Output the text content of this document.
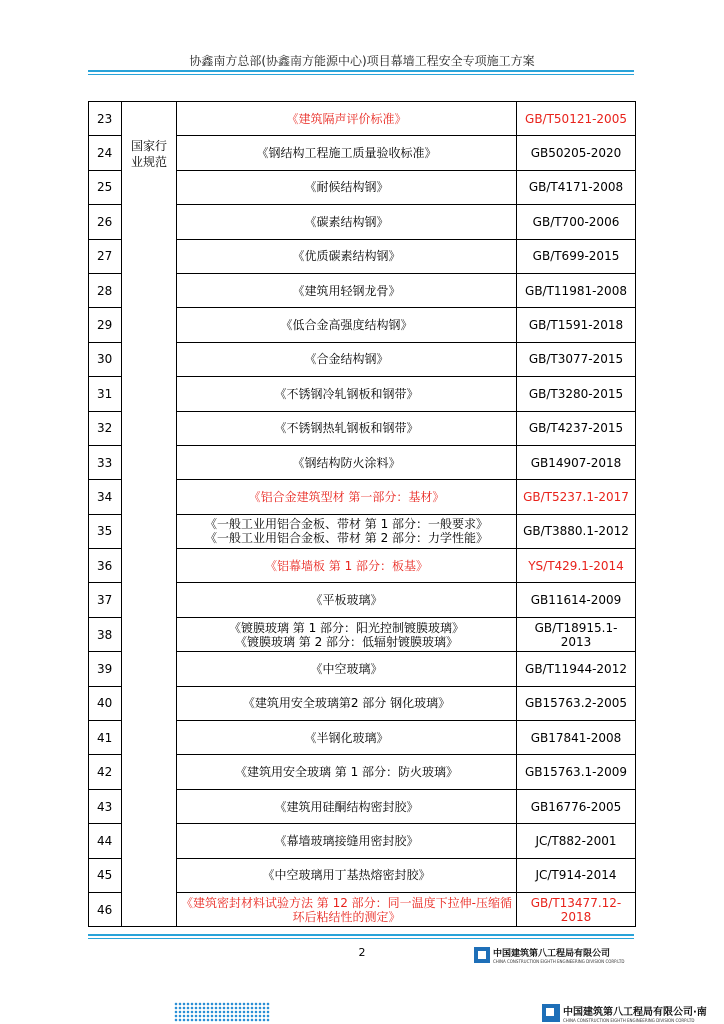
协鑫南方总部(协鑫南方能源中心)项目幕墙工程安全专项施工方案
23	国家行业规范	《建筑隔声评价标准》	GB/T50121-2005
24		《钢结构工程施工质量验收标准》	GB50205-2020
25		《耐候结构钢》	GB/T4171-2008
26		《碳素结构钢》	GB/T700-2006
27		《优质碳素结构钢》	GB/T699-2015
28		《建筑用轻钢龙骨》	GB/T11981-2008
29		《低合金高强度结构钢》	GB/T1591-2018
30		《合金结构钢》	GB/T3077-2015
31		《不锈钢冷轧钢板和钢带》	GB/T3280-2015
32		《不锈钢热轧钢板和钢带》	GB/T4237-2015
33		《钢结构防火涂料》	GB14907-2018
34		《铝合金建筑型材 第一部分：基材》	GB/T5237.1-2017
35		《一般工业用铝合金板、带材 第 1 部分：一般要求》
《一般工业用铝合金板、带材 第 2 部分：力学性能》	GB/T3880.1-2012
36		《铝幕墙板 第 1 部分：板基》	YS/T429.1-2014
37		《平板玻璃》	GB11614-2009
38		《镀膜玻璃 第 1 部分：阳光控制镀膜玻璃》
《镀膜玻璃 第 2 部分：低辐射镀膜玻璃》	GB/T18915.1-2013
39		《中空玻璃》	GB/T11944-2012
40		《建筑用安全玻璃第2 部分 钢化玻璃》	GB15763.2-2005
41		《半钢化玻璃》	GB17841-2008
42		《建筑用安全玻璃 第 1 部分：防火玻璃》	GB15763.1-2009
43		《建筑用硅酮结构密封胶》	GB16776-2005
44		《幕墙玻璃接缝用密封胶》	JC/T882-2001
45		《中空玻璃用丁基热熔密封胶》	JC/T914-2014
46		《建筑密封材料试验方法 第 12 部分：同一温度下拉伸-压缩循环后粘结性的测定》	GB/T13477.12-2018
2	中国建筑第八工程局有限公司
CHINA CONSTRUCTION EIGHTH ENGINEERING DIVISION CORP.LTD
中国建筑第八工程局有限公司·南
CHINA CONSTRUCTION EIGHTH ENGINEERING DIVISION CORP.LTD
